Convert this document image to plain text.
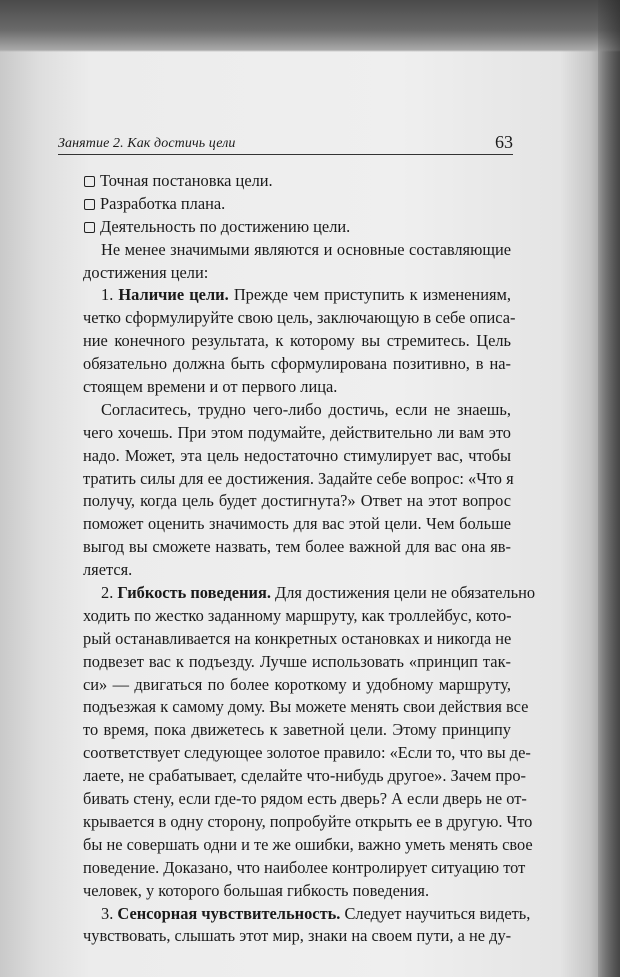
Занятие 2. Как достичь цели	63
Точная постановка цели.
Разработка плана.
Деятельность по достижению цели.
Не менее значимыми являются и основные составляющие
достижения цели:
1. Наличие цели. Прежде чем приступить к изменениям,
четко сформулируйте свою цель, заключающую в себе описа-
ние конечного результата, к которому вы стремитесь. Цель
обязательно должна быть сформулирована позитивно, в на-
стоящем времени и от первого лица.
Согласитесь, трудно чего-либо достичь, если не знаешь,
чего хочешь. При этом подумайте, действительно ли вам это
надо. Может, эта цель недостаточно стимулирует вас, чтобы
тратить силы для ее достижения. Задайте себе вопрос: «Что я
получу, когда цель будет достигнута?» Ответ на этот вопрос
поможет оценить значимость для вас этой цели. Чем больше
выгод вы сможете назвать, тем более важной для вас она яв-
ляется.
2. Гибкость поведения. Для достижения цели не обязательно
ходить по жестко заданному маршруту, как троллейбус, кото-
рый останавливается на конкретных остановках и никогда не
подвезет вас к подъезду. Лучше использовать «принцип так-
си» — двигаться по более короткому и удобному маршруту,
подъезжая к самому дому. Вы можете менять свои действия все
то время, пока движетесь к заветной цели. Этому принципу
соответствует следующее золотое правило: «Если то, что вы де-
лаете, не срабатывает, сделайте что-нибудь другое». Зачем про-
бивать стену, если где-то рядом есть дверь? А если дверь не от-
крывается в одну сторону, попробуйте открыть ее в другую. Что
бы не совершать одни и те же ошибки, важно уметь менять свое
поведение. Доказано, что наиболее контролирует ситуацию тот
человек, у которого большая гибкость поведения.
3. Сенсорная чувствительность. Следует научиться видеть,
чувствовать, слышать этот мир, знаки на своем пути, а не ду-
